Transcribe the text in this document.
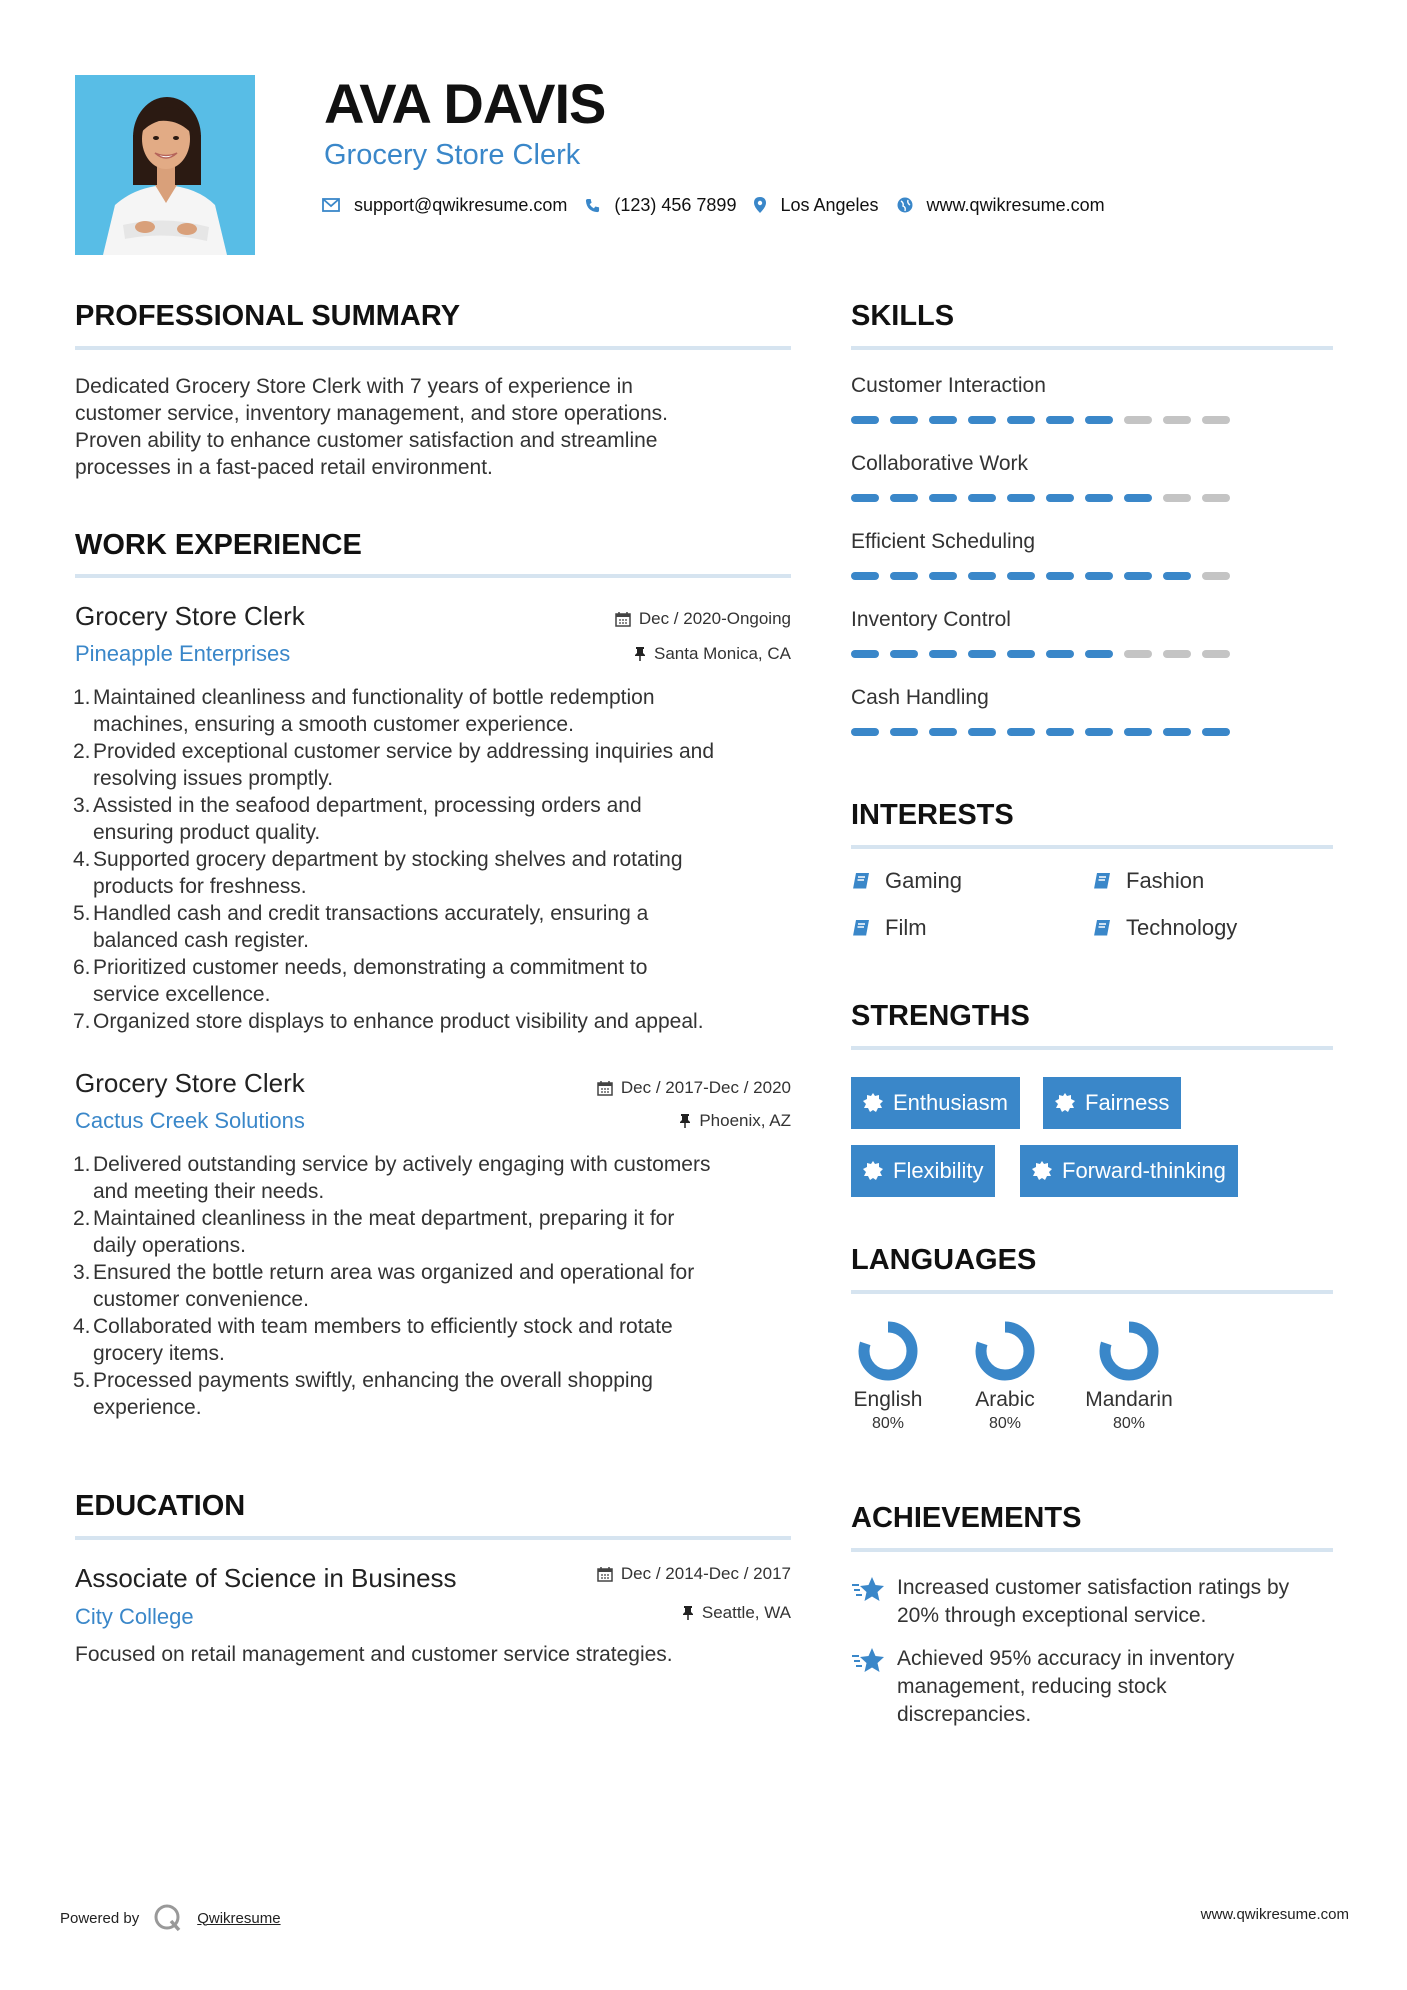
AVA DAVIS
Grocery Store Clerk
support@qwikresume.com	(123) 456 7899 Los Angeles	www.qwikresume.com
PROFESSIONAL SUMMARY
Dedicated Grocery Store Clerk with 7 years of experience in
customer service, inventory management, and store operations.
Proven ability to enhance customer satisfaction and streamline
processes in a fast-paced retail environment.
WORK EXPERIENCE
Grocery Store Clerk	Dec / 2020-Ongoing
Pineapple Enterprises	Santa Monica, CA
1. Maintained cleanliness and functionality of bottle redemption
machines, ensuring a smooth customer experience.
2. Provided exceptional customer service by addressing inquiries and
resolving issues promptly.
3. Assisted in the seafood department, processing orders and
ensuring product quality.
4. Supported grocery department by stocking shelves and rotating
products for freshness.
5. Handled cash and credit transactions accurately, ensuring a
balanced cash register.
6. Prioritized customer needs, demonstrating a commitment to
service excellence.
7. Organized store displays to enhance product visibility and appeal.
Grocery Store Clerk	Dec / 2017-Dec / 2020
Cactus Creek Solutions	Phoenix, AZ
1. Delivered outstanding service by actively engaging with customers
and meeting their needs.
2. Maintained cleanliness in the meat department, preparing it for
daily operations.
3. Ensured the bottle return area was organized and operational for
customer convenience.
4. Collaborated with team members to efficiently stock and rotate
grocery items.
5. Processed payments swiftly, enhancing the overall shopping
experience.
EDUCATION
Associate of Science in Business	Dec / 2014-Dec / 2017
City College	Seattle, WA
Focused on retail management and customer service strategies.
SKILLS
Customer Interaction
Collaborative Work
Efficient Scheduling
Inventory Control
Cash Handling
INTERESTS
Gaming	Fashion
Film	Technology
STRENGTHS
Enthusiasm	Fairness
Flexibility	Forward-thinking
LANGUAGES
English
80%
Arabic
80%
Mandarin
80%
ACHIEVEMENTS
Increased customer satisfaction ratings by
20% through exceptional service.
Achieved 95% accuracy in inventory
management, reducing stock
discrepancies.
Powered by	Qwikresume	www.qwikresume.com
